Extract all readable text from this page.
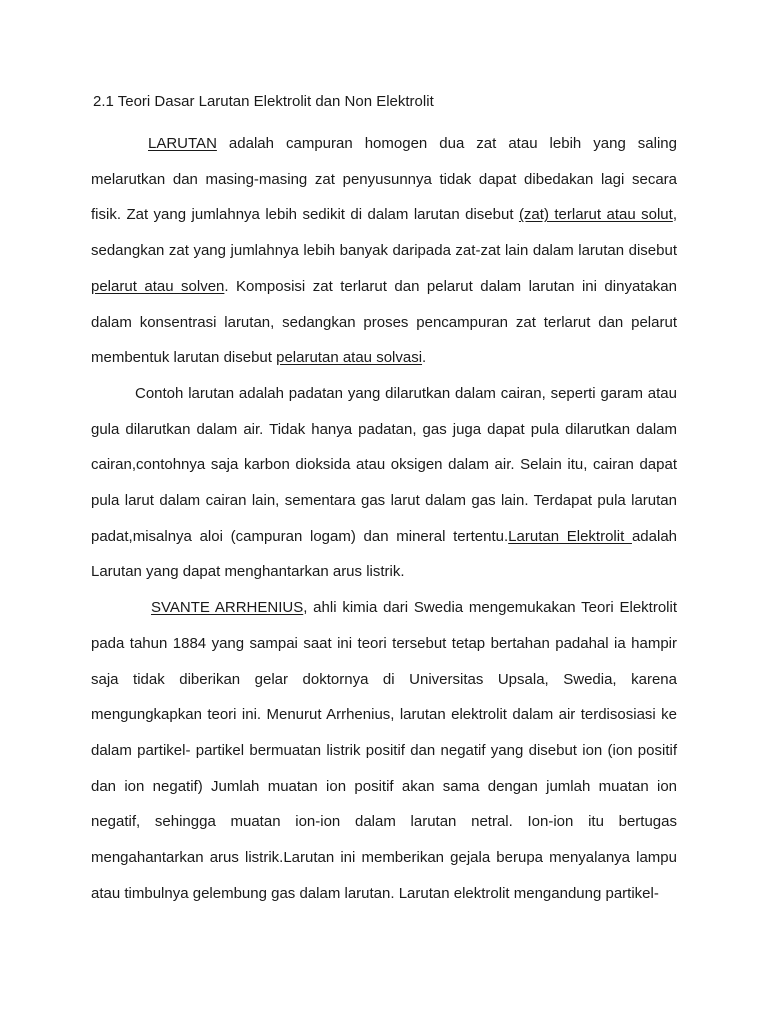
2.1 Teori Dasar Larutan Elektrolit dan Non Elektrolit

LARUTAN adalah campuran homogen dua zat atau lebih yang saling melarutkan dan masing-masing zat penyusunnya tidak dapat dibedakan lagi secara fisik. Zat yang jumlahnya lebih sedikit di dalam larutan disebut (zat) terlarut atau solut, sedangkan zat yang jumlahnya lebih banyak daripada zat-zat lain dalam larutan disebut pelarut atau solven. Komposisi zat terlarut dan pelarut dalam larutan ini dinyatakan dalam konsentrasi larutan, sedangkan proses pencampuran zat terlarut dan pelarut membentuk larutan disebut pelarutan atau solvasi.

Contoh larutan adalah padatan yang dilarutkan dalam cairan, seperti garam atau gula dilarutkan dalam air. Tidak hanya padatan, gas juga dapat pula dilarutkan dalam cairan,contohnya saja karbon dioksida atau oksigen dalam air. Selain itu, cairan dapat pula larut dalam cairan lain, sementara gas larut dalam gas lain. Terdapat pula larutan padat,misalnya aloi (campuran logam) dan mineral tertentu.Larutan Elektrolit adalah Larutan yang dapat menghantarkan arus listrik.

SVANTE ARRHENIUS, ahli kimia dari Swedia mengemukakan Teori Elektrolit pada tahun 1884 yang sampai saat ini teori tersebut tetap bertahan padahal ia hampir saja tidak diberikan gelar doktornya di Universitas Upsala, Swedia, karena mengungkapkan teori ini. Menurut Arrhenius, larutan elektrolit dalam air terdisosiasi ke dalam partikel- partikel bermuatan listrik positif dan negatif yang disebut ion (ion positif dan ion negatif) Jumlah muatan ion positif akan sama dengan jumlah muatan ion negatif, sehingga muatan ion-ion dalam larutan netral. Ion-ion itu bertugas mengahantarkan arus listrik.Larutan ini memberikan gejala berupa menyalanya lampu atau timbulnya gelembung gas dalam larutan. Larutan elektrolit mengandung partikel-
